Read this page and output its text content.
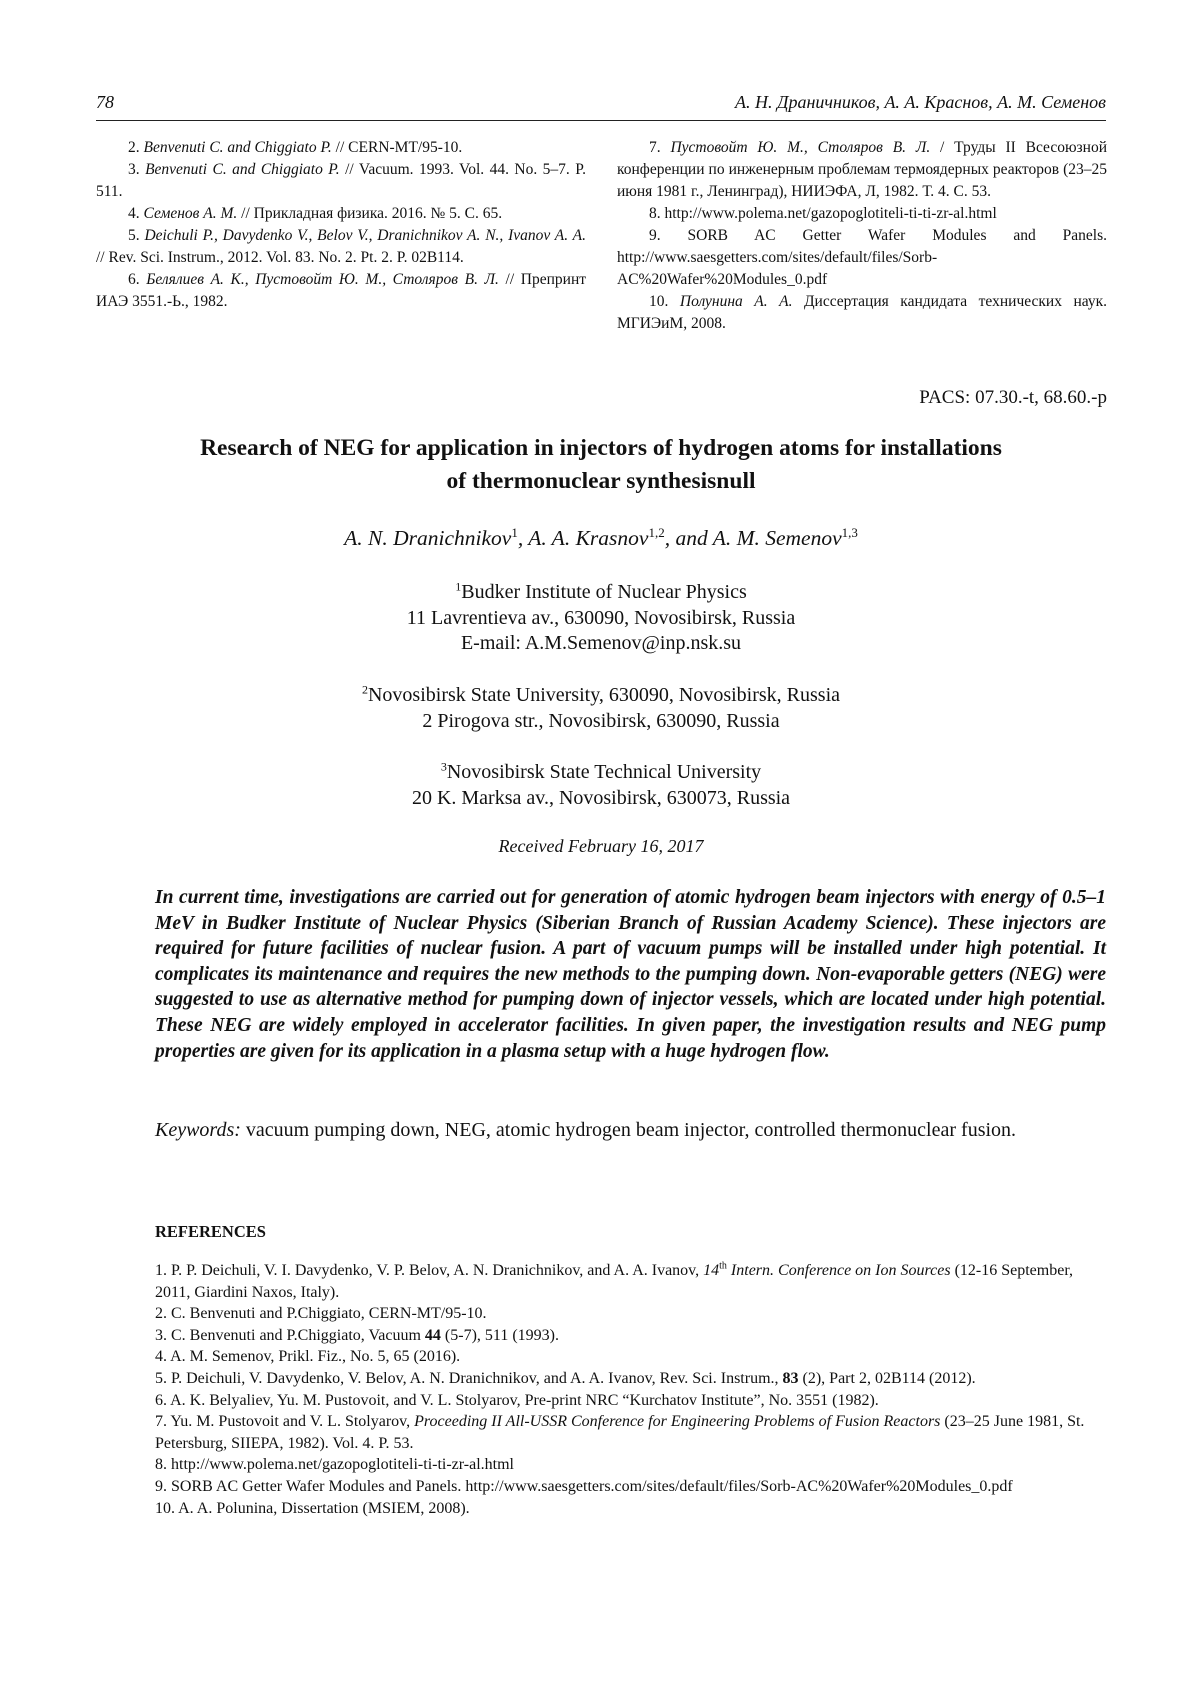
78	А. Н. Драничников, А. А. Краснов, А. М. Семенов

2. Benvenuti C. and Chiggiato P. // CERN-MT/95-10.

3. Benvenuti C. and Chiggiato P. // Vacuum. 1993. Vol. 44. No. 5–7. P. 511.

4. Семенов А. М. // Прикладная физика. 2016. № 5. С. 65.

5. Deichuli P., Davydenko V., Belov V., Dranichnikov A. N., Ivanov A. A. // Rev. Sci. Instrum., 2012. Vol. 83. No. 2. Pt. 2. P. 02B114.

6. Белялиев А. К., Пустовойт Ю. М., Столяров В. Л. // Препринт ИАЭ 3551.-Ь., 1982.

7. Пустовойт Ю. М., Столяров В. Л. / Труды II Всесоюзной конференции по инженерным проблемам термоядерных реакторов (23–25 июня 1981 г., Ленинград), НИИЭФА, Л, 1982. Т. 4. С. 53.

8. http://www.polema.net/gazopoglotiteli-ti-ti-zr-al.html

9. SORB AC Getter Wafer Modules and Panels. http://www.saesgetters.com/sites/default/files/Sorb-AC%20Wafer%20Modules_0.pdf

10. Полунина А. А. Диссертация кандидата технических наук. МГИЭиМ, 2008.

PACS: 07.30.-t, 68.60.-p
Research of NEG for application in injectors of hydrogen atoms for installations
of thermonuclear synthesisnull
A. N. Dranichnikov$^1$, A. A. Krasnov$^{1,2}$, and A. M. Semenov$^{1,3}$
$^1$Budker Institute of Nuclear Physics
11 Lavrentieva av., 630090, Novosibirsk, Russia
E-mail: A.M.Semenov@inp.nsk.su
$^2$Novosibirsk State University, 630090, Novosibirsk, Russia
2 Pirogova str., Novosibirsk, 630090, Russia
$^3$Novosibirsk State Technical University
20 K. Marksa av., Novosibirsk, 630073, Russia
Received February 16, 2017

In current time, investigations are carried out for generation of atomic hydrogen beam injectors with energy of 0.5–1 MeV in Budker Institute of Nuclear Physics (Siberian Branch of Russian Academy Science). These injectors are required for future facilities of nuclear fusion. A part of vacuum pumps will be installed under high potential. It complicates its maintenance and requires the new methods to the pumping down. Non-evaporable getters (NEG) were suggested to use as alternative method for pumping down of injector vessels, which are located under high potential. These NEG are widely employed in accelerator facilities. In given paper, the investigation results and NEG pump properties are given for its application in a plasma setup with a huge hydrogen flow.

Keywords: vacuum pumping down, NEG, atomic hydrogen beam injector, controlled thermonuclear fusion.

REFERENCES
1. P. P. Deichuli, V. I. Davydenko, V. P. Belov, A. N. Dranichnikov, and A. A. Ivanov, 14th Intern. Conference on Ion Sources (12-16 September, 2011, Giardini Naxos, Italy).
2. C. Benvenuti and P.Chiggiato, CERN-MT/95-10.
3. C. Benvenuti and P.Chiggiato, Vacuum 44 (5-7), 511 (1993).
4. A. M. Semenov, Prikl. Fiz., No. 5, 65 (2016).
5. P. Deichuli, V. Davydenko, V. Belov, A. N. Dranichnikov, and A. A. Ivanov, Rev. Sci. Instrum., 83 (2), Part 2, 02B114 (2012).
6. A. K. Belyaliev, Yu. M. Pustovoit, and V. L. Stolyarov, Pre-print NRC “Kurchatov Institute”, No. 3551 (1982).
7. Yu. M. Pustovoit and V. L. Stolyarov, Proceeding II All-USSR Conference for Engineering Problems of Fusion Reactors (23–25 June 1981, St. Petersburg, SIIEPA, 1982). Vol. 4. P. 53.
8. http://www.polema.net/gazopoglotiteli-ti-ti-zr-al.html
9. SORB AC Getter Wafer Modules and Panels. http://www.saesgetters.com/sites/default/files/Sorb-AC%20Wafer%20Modules_0.pdf
10. A. A. Polunina, Dissertation (MSIEM, 2008).
